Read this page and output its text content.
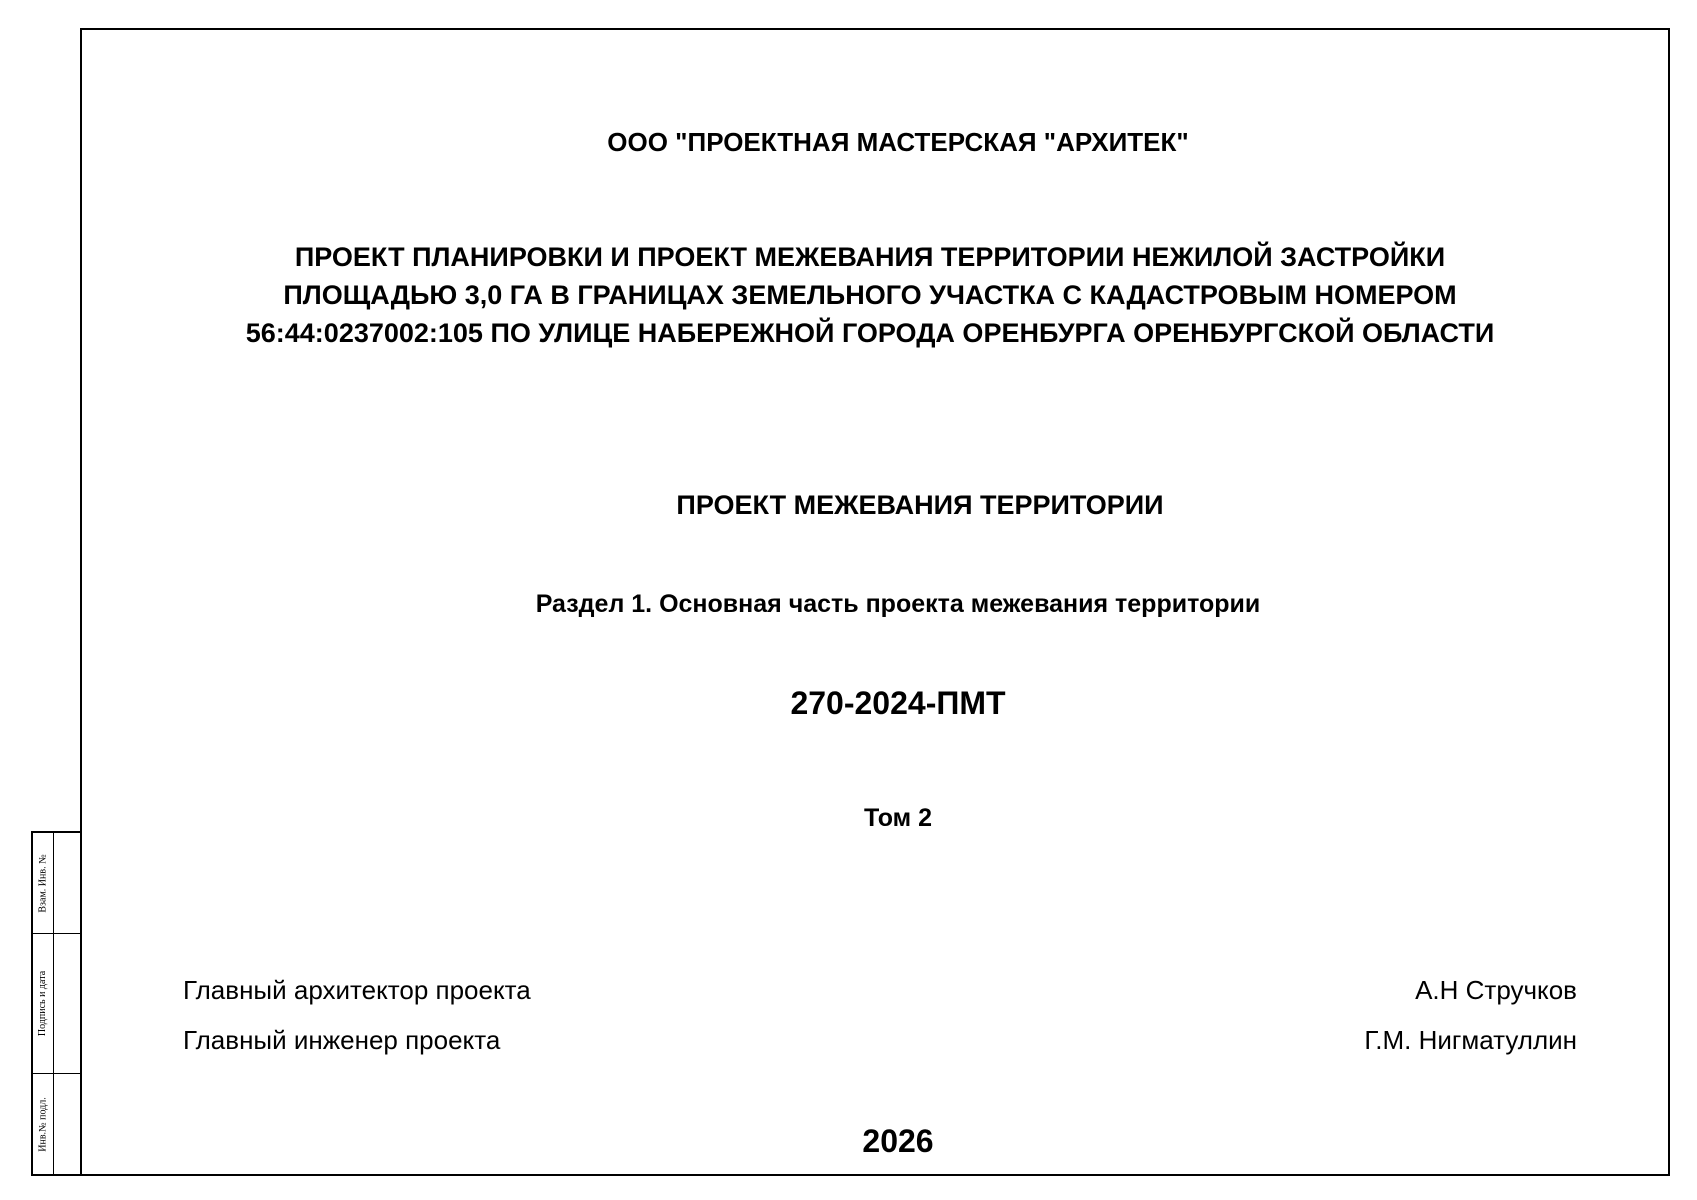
Взам. Инв. №
Подпись и дата
Инв.№ подл.
ООО "ПРОЕКТНАЯ МАСТЕРСКАЯ "АРХИТЕК"
ПРОЕКТ ПЛАНИРОВКИ И ПРОЕКТ МЕЖЕВАНИЯ ТЕРРИТОРИИ НЕЖИЛОЙ ЗАСТРОЙКИ
ПЛОЩАДЬЮ 3,0 ГА В ГРАНИЦАХ ЗЕМЕЛЬНОГО УЧАСТКА С КАДАСТРОВЫМ НОМЕРОМ
56:44:0237002:105 ПО УЛИЦЕ НАБЕРЕЖНОЙ ГОРОДА ОРЕНБУРГА ОРЕНБУРГСКОЙ ОБЛАСТИ
ПРОЕКТ МЕЖЕВАНИЯ ТЕРРИТОРИИ
Раздел 1. Основная часть проекта межевания территории
270-2024-ПМТ
Том 2
Главный архитектор проекта	А.Н Стручков
Главный инженер проекта	Г.М. Нигматуллин
2026
